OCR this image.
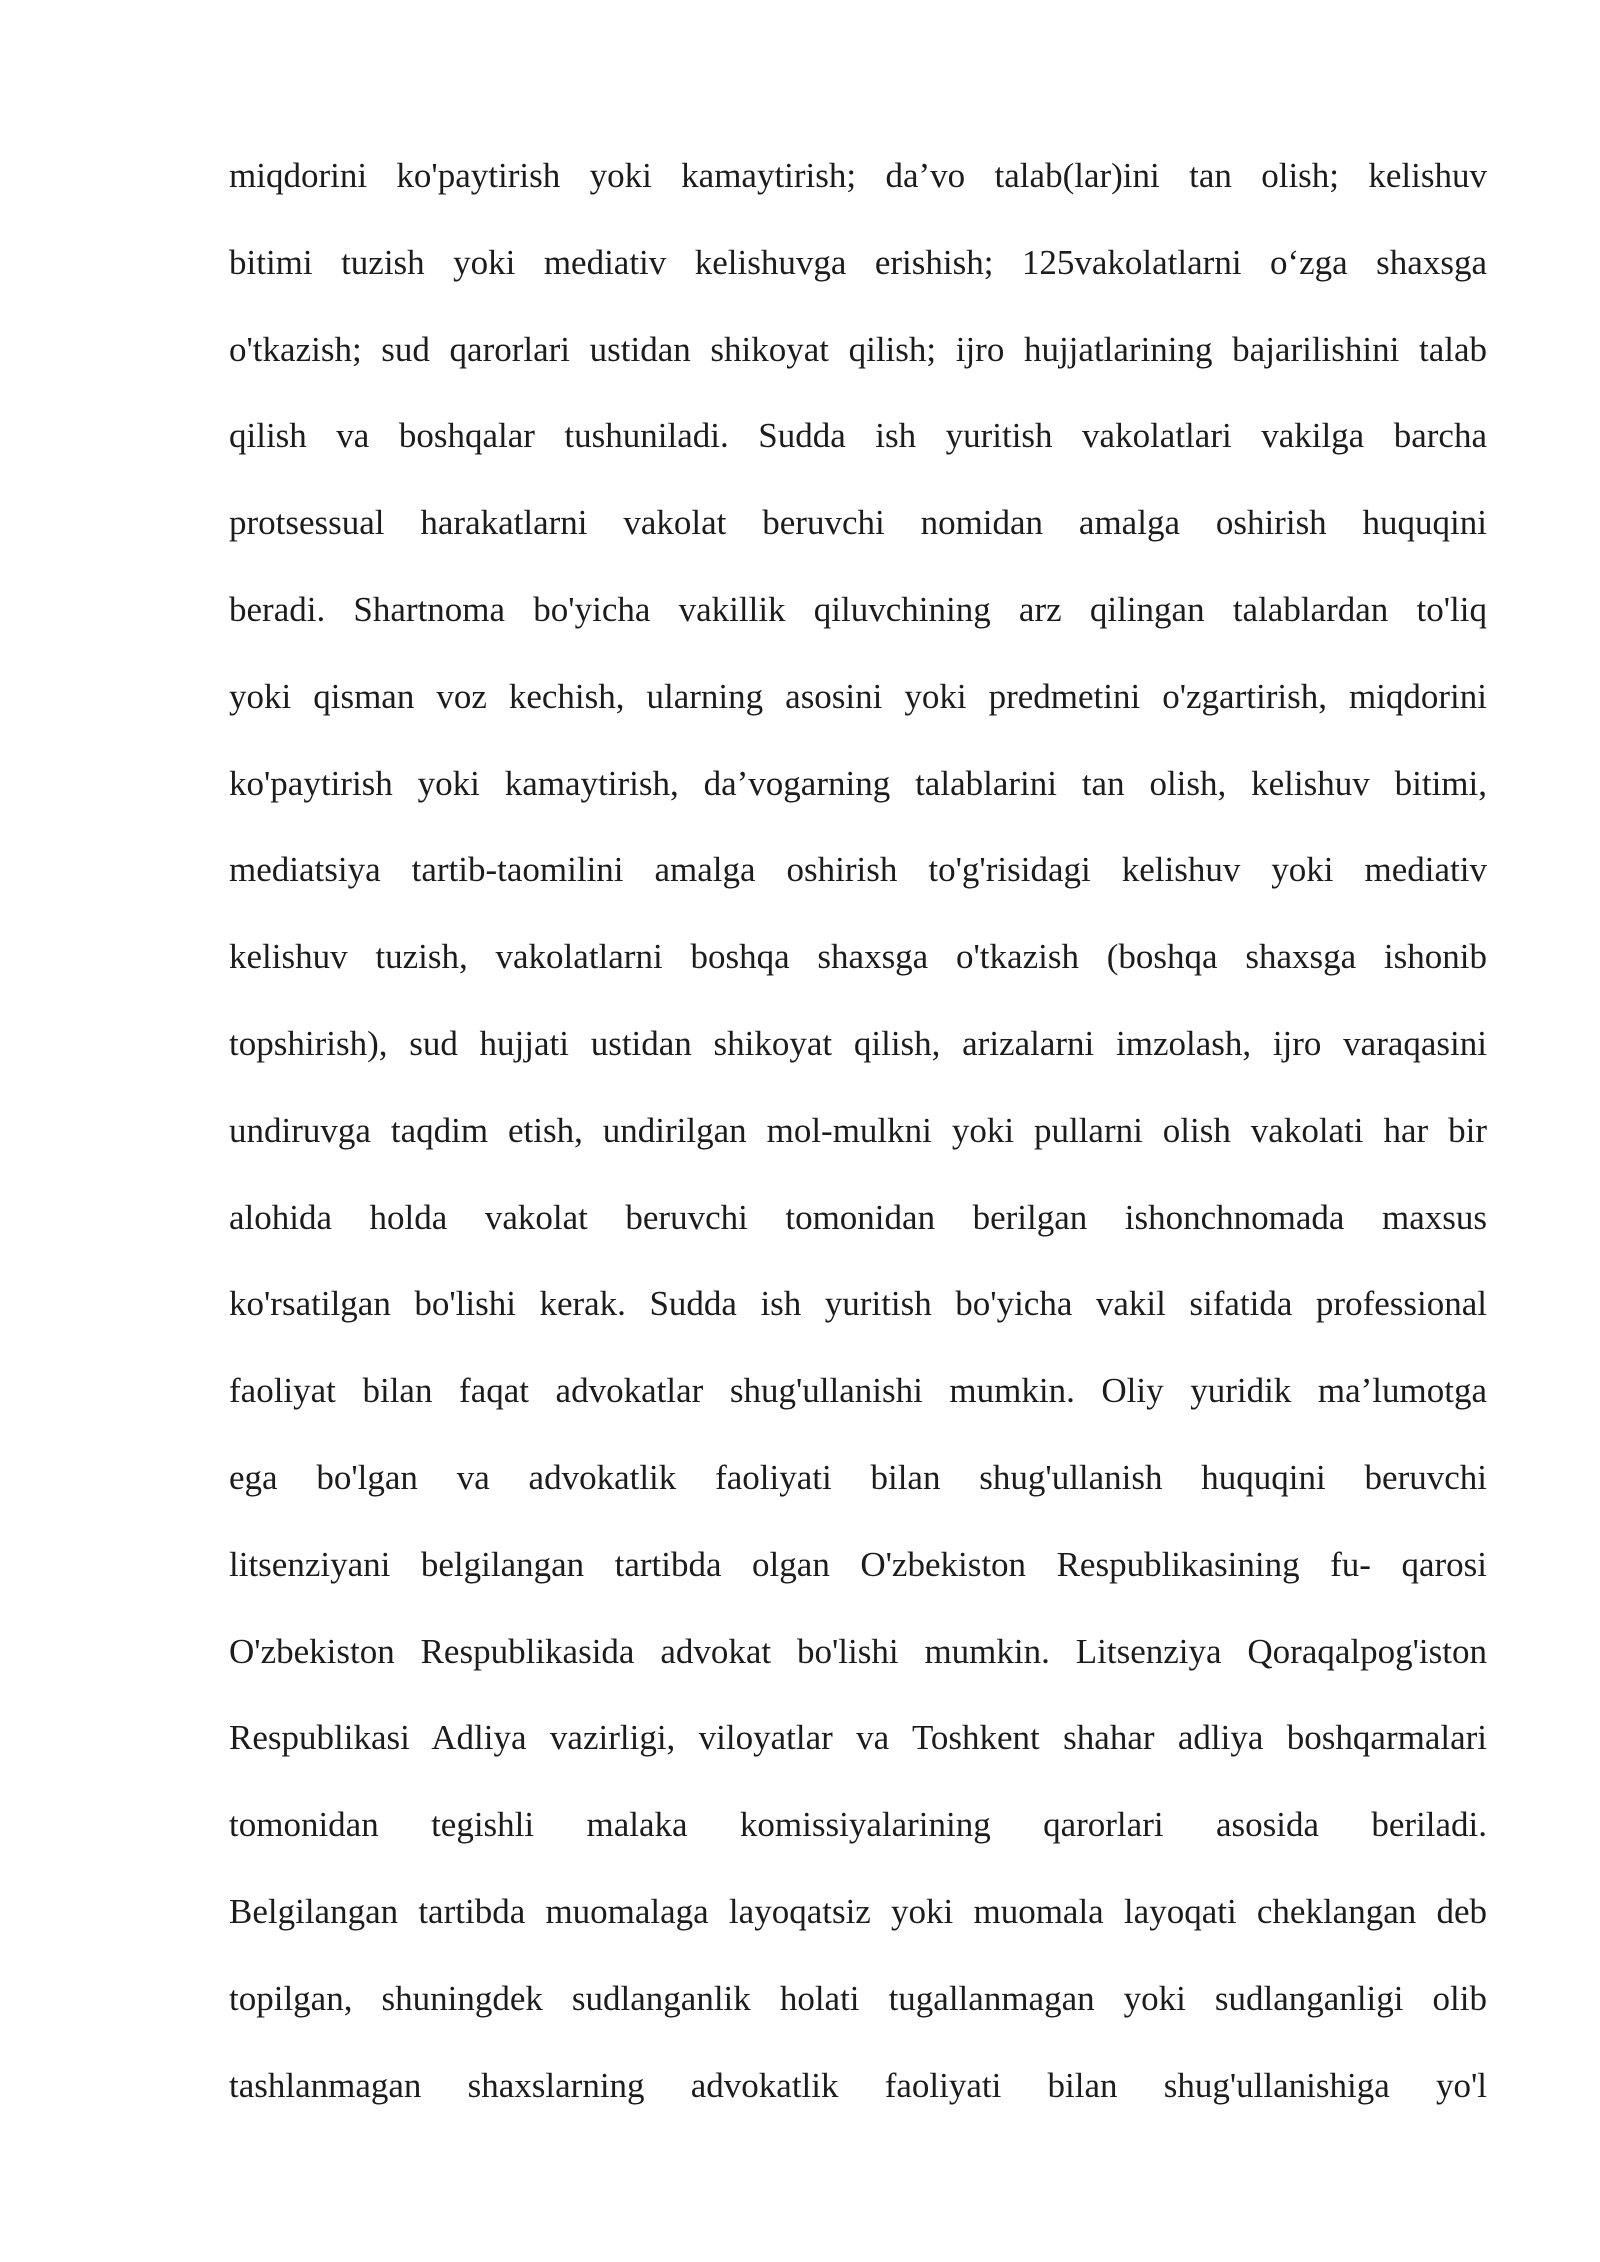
miqdorini ko'paytirish yoki kamaytirish; da’vo talab(lar)ini tan olish; kelishuv
bitimi tuzish yoki mediativ kelishuvga erishish; 125vakolatlarni o‘zga shaxsga
o'tkazish; sud qarorlari ustidan shikoyat qilish; ijro hujjatlarining bajarilishini talab
qilish va boshqalar tushuniladi. Sudda ish yuritish vakolatlari vakilga barcha
protsessual harakatlarni vakolat beruvchi nomidan amalga oshirish huquqini
beradi. Shartnoma bo'yicha vakillik qiluvchining arz qilingan talablardan to'liq
yoki qisman voz kechish, ularning asosini yoki predmetini o'zgartirish, miqdorini
ko'paytirish yoki kamaytirish, da’vogarning talablarini tan olish, kelishuv bitimi,
mediatsiya tartib-taomilini amalga oshirish to'g'risidagi kelishuv yoki mediativ
kelishuv tuzish, vakolatlarni boshqa shaxsga o'tkazish (boshqa shaxsga ishonib
topshirish), sud hujjati ustidan shikoyat qilish, arizalarni imzolash, ijro varaqasini
undiruvga taqdim etish, undirilgan mol-mulkni yoki pullarni olish vakolati har bir
alohida holda vakolat beruvchi tomonidan berilgan ishonchnomada maxsus
ko'rsatilgan bo'lishi kerak. Sudda ish yuritish bo'yicha vakil sifatida professional
faoliyat bilan faqat advokatlar shug'ullanishi mumkin. Oliy yuridik ma’lumotga
ega bo'lgan va advokatlik faoliyati bilan shug'ullanish huquqini beruvchi
litsenziyani belgilangan tartibda olgan O'zbekiston Respublikasining fu- qarosi
O'zbekiston Respublikasida advokat bo'lishi mumkin. Litsenziya Qoraqalpog'iston
Respublikasi Adliya vazirligi, viloyatlar va Toshkent shahar adliya boshqarmalari
tomonidan tegishli malaka komissiyalarining qarorlari asosida beriladi.
Belgilangan tartibda muomalaga layoqatsiz yoki muomala layoqati cheklangan deb
topilgan, shuningdek sudlanganlik holati tugallanmagan yoki sudlanganligi olib
tashlanmagan shaxslarning advokatlik faoliyati bilan shug'ullanishiga yo'l
